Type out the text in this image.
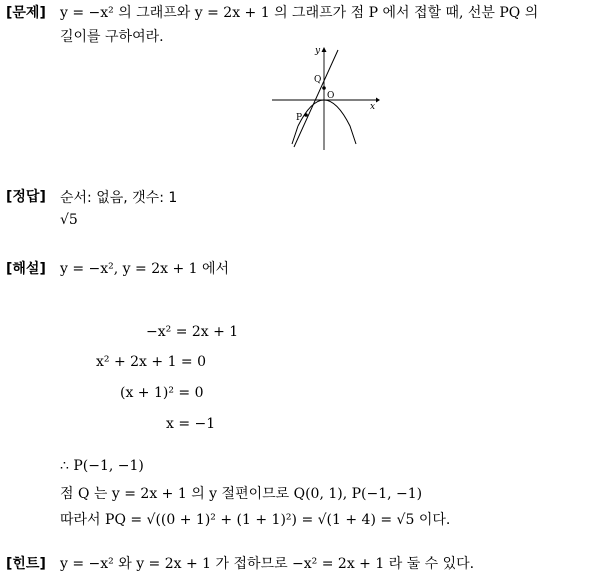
[문제] y = −x² 의 그래프와 y = 2x + 1 의 그래프가 점 P 에서 접할 때, 선분 PQ 의
길이를 구하여라.
y
x
O
Q
P
[정답] 순서: 없음, 갯수: 1
√5
[해설] y = −x², y = 2x + 1 에서
−x² = 2x + 1
x² + 2x + 1 = 0
(x + 1)² = 0
x = −1
∴ P(−1, −1)
점 Q 는 y = 2x + 1 의 y 절편이므로 Q(0, 1), P(−1, −1)
따라서 PQ = √((0 + 1)² + (1 + 1)²) = √(1 + 4) = √5 이다.
[힌트] y = −x² 와 y = 2x + 1 가 접하므로 −x² = 2x + 1 라 둘 수 있다.
